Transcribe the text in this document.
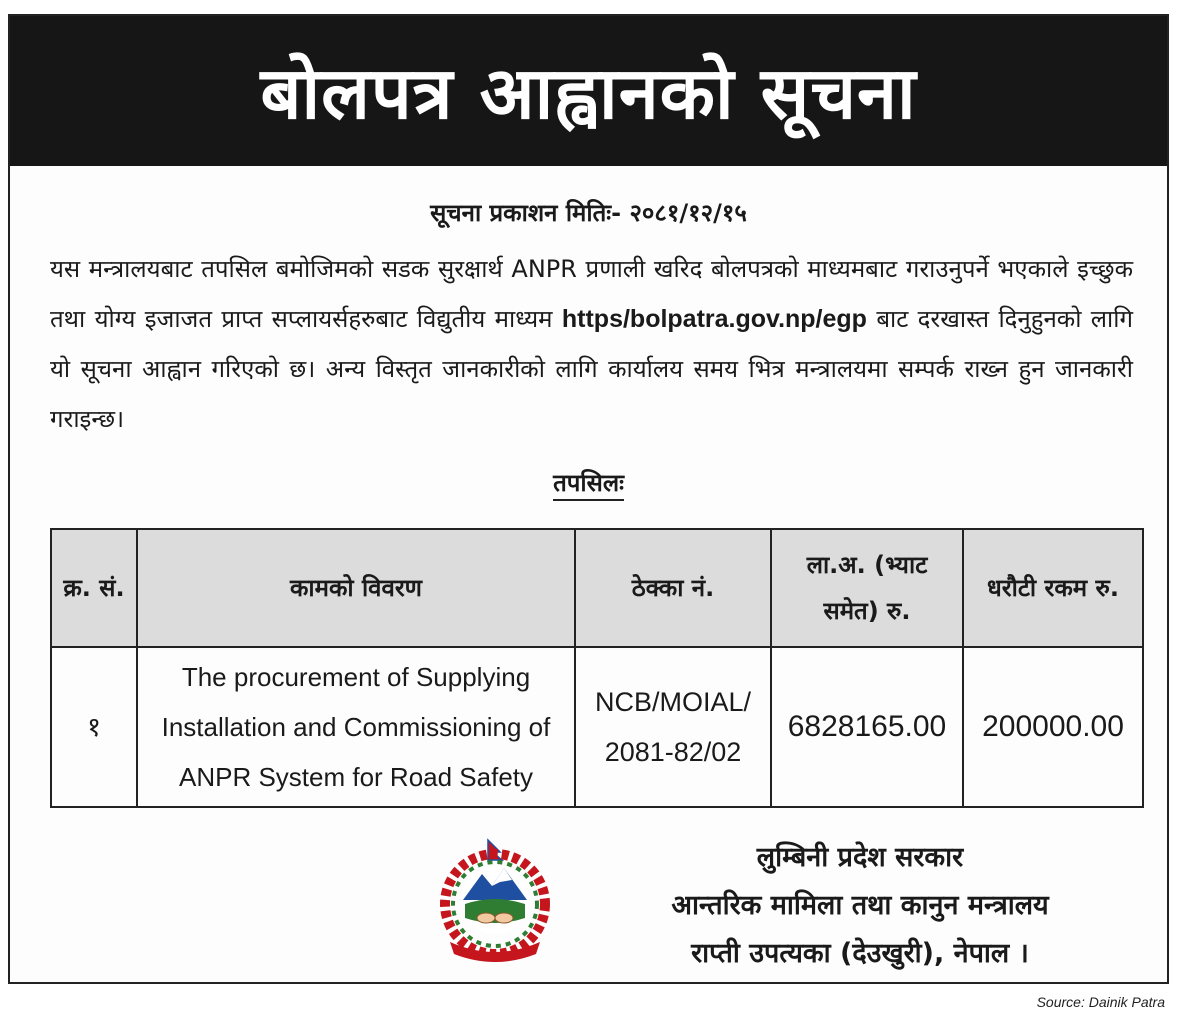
बोलपत्र आह्वानको सूचना
सूचना प्रकाशन मितिः- २०८१/१२/१५
यस मन्त्रालयबाट तपसिल बमोजिमको सडक सुरक्षार्थ ANPR प्रणाली खरिद बोलपत्रको माध्यमबाट गराउनुपर्ने भएकाले इच्छुक तथा योग्य इजाजत प्राप्त सप्लायर्सहरुबाट विद्युतीय माध्यम https/bolpatra.gov.np/egp बाट दरखास्त दिनुहुनको लागि यो सूचना आह्वान गरिएको छ। अन्य विस्तृत जानकारीको लागि कार्यालय समय भित्र मन्त्रालयमा सम्पर्क राख्न हुन जानकारी गराइन्छ।
तपसिलः
क्र. सं.	कामको विवरण	ठेक्का नं.	ला.अ. (भ्याट समेत) रु.	धरौटी रकम रु.
१	The procurement of Supplying Installation and Commissioning of ANPR System for Road Safety	NCB/MOIAL/ 2081-82/02	6828165.00	200000.00
लुम्बिनी प्रदेश सरकार
आन्तरिक मामिला तथा कानुन मन्त्रालय
राप्ती उपत्यका (देउखुरी), नेपाल ।
Source: Dainik Patra
